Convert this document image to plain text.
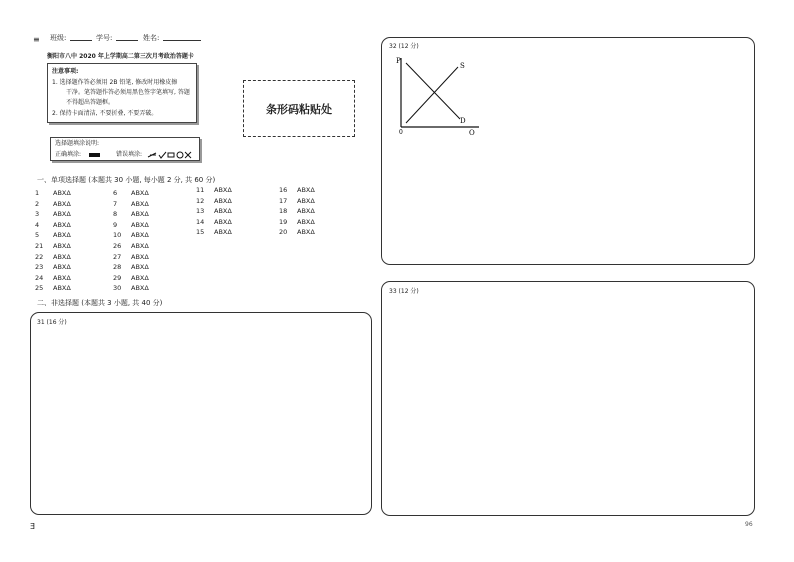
≡ 班级:	学号:	姓名:
衡阳市八中 2020 年上学期高二第三次月考政治答题卡
注意事项:
1. 选择题作答必须用 2B 铅笔, 修改时用橡皮擦
干净。笔答题作答必须用黑色签字笔填写, 答题
不得超出答题框。
2. 保持卡面清洁, 不要折叠, 不要弄破。
选择题填涂说明:
正确填涂:	错误填涂:
条形码粘贴处
一、单项选择题 (本题共 30 小题, 每小题 2 分, 共 60 分)
1 ABXΔ
2 ABXΔ
3 ABXΔ
4 ABXΔ
5 ABXΔ
21 ABXΔ
22 ABXΔ
23 ABXΔ
24 ABXΔ
25 ABXΔ
6 ABXΔ
7 ABXΔ
8 ABXΔ
9 ABXΔ
10 ABXΔ
26 ABXΔ
27 ABXΔ
28 ABXΔ
29 ABXΔ
30 ABXΔ
11 ABXΔ
12 ABXΔ
13 ABXΔ
14 ABXΔ
15 ABXΔ
16 ABXΔ
17 ABXΔ
18 ABXΔ
19 ABXΔ
20 ABXΔ
二、非选择题 (本题共 3 小题, 共 40 分)
31 (16 分)
32 (12 分)
P
S
D
0	Q
33 (12 分)
Ǝ	96
